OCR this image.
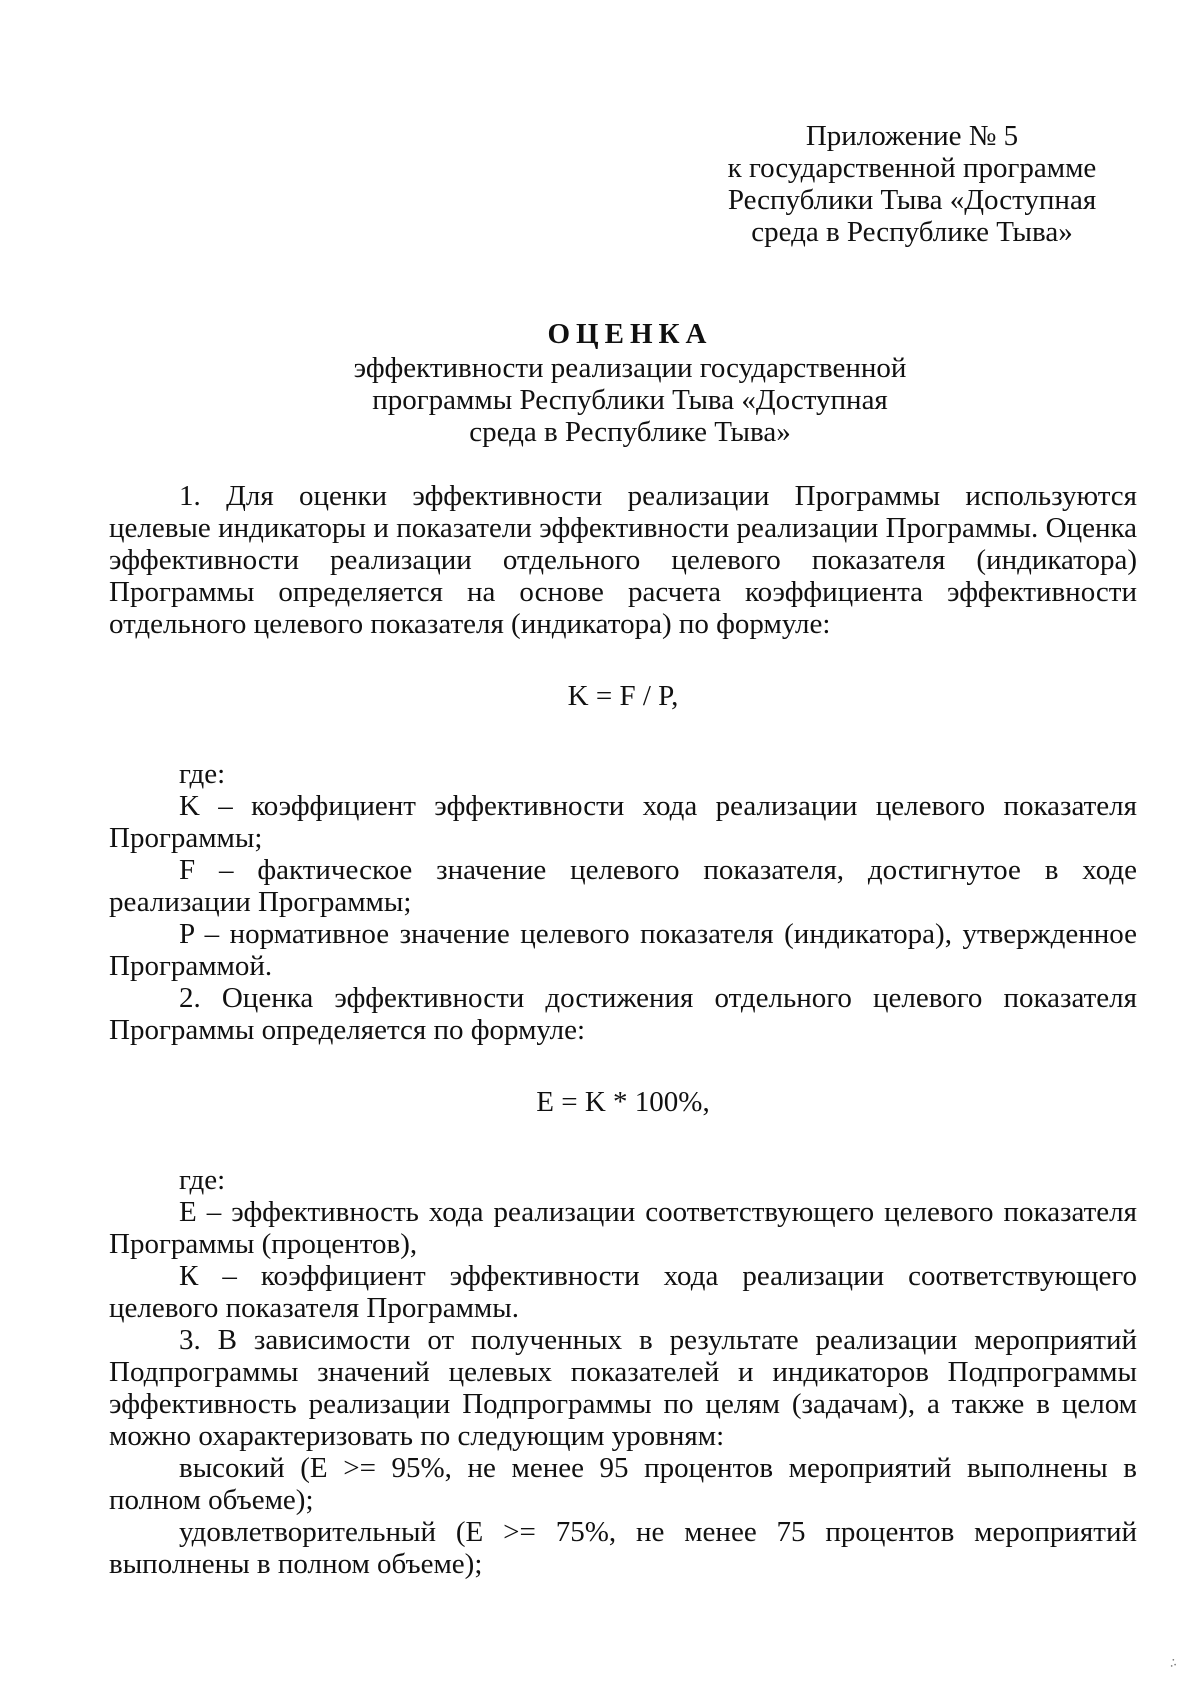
Приложение № 5
к государственной программе
Республики Тыва «Доступная
среда в Республике Тыва»
ОЦЕНКА
эффективности реализации государственной
программы Республики Тыва «Доступная
среда в Республике Тыва»

1. Для оценки эффективности реализации Программы используются целевые индикаторы и показатели эффективности реализации Программы. Оценка эффективности реализации отдельного целевого показателя (индикатора) Программы определяется на основе расчета коэффициента эффективности отдельного целевого показателя (индикатора) по формуле:

K = F / P,

где:

K – коэффициент эффективности хода реализации целевого показателя Программы;

F – фактическое значение целевого показателя, достигнутое в ходе реализации Программы;

P – нормативное значение целевого показателя (индикатора), утвержденное Программой.

2. Оценка эффективности достижения отдельного целевого показателя Программы определяется по формуле:

E = K * 100%,

где:

E – эффективность хода реализации соответствующего целевого показателя Программы (процентов),

К – коэффициент эффективности хода реализации соответствующего целевого показателя Программы.

3. В зависимости от полученных в результате реализации мероприятий Подпрограммы значений целевых показателей и индикаторов Подпрограммы эффективность реализации Подпрограммы по целям (задачам), а также в целом можно охарактеризовать по следующим уровням:

высокий (E >= 95%, не менее 95 процентов мероприятий выполнены в полном объеме);

удовлетворительный (E >= 75%, не менее 75 процентов мероприятий выполнены в полном объеме);

.:
